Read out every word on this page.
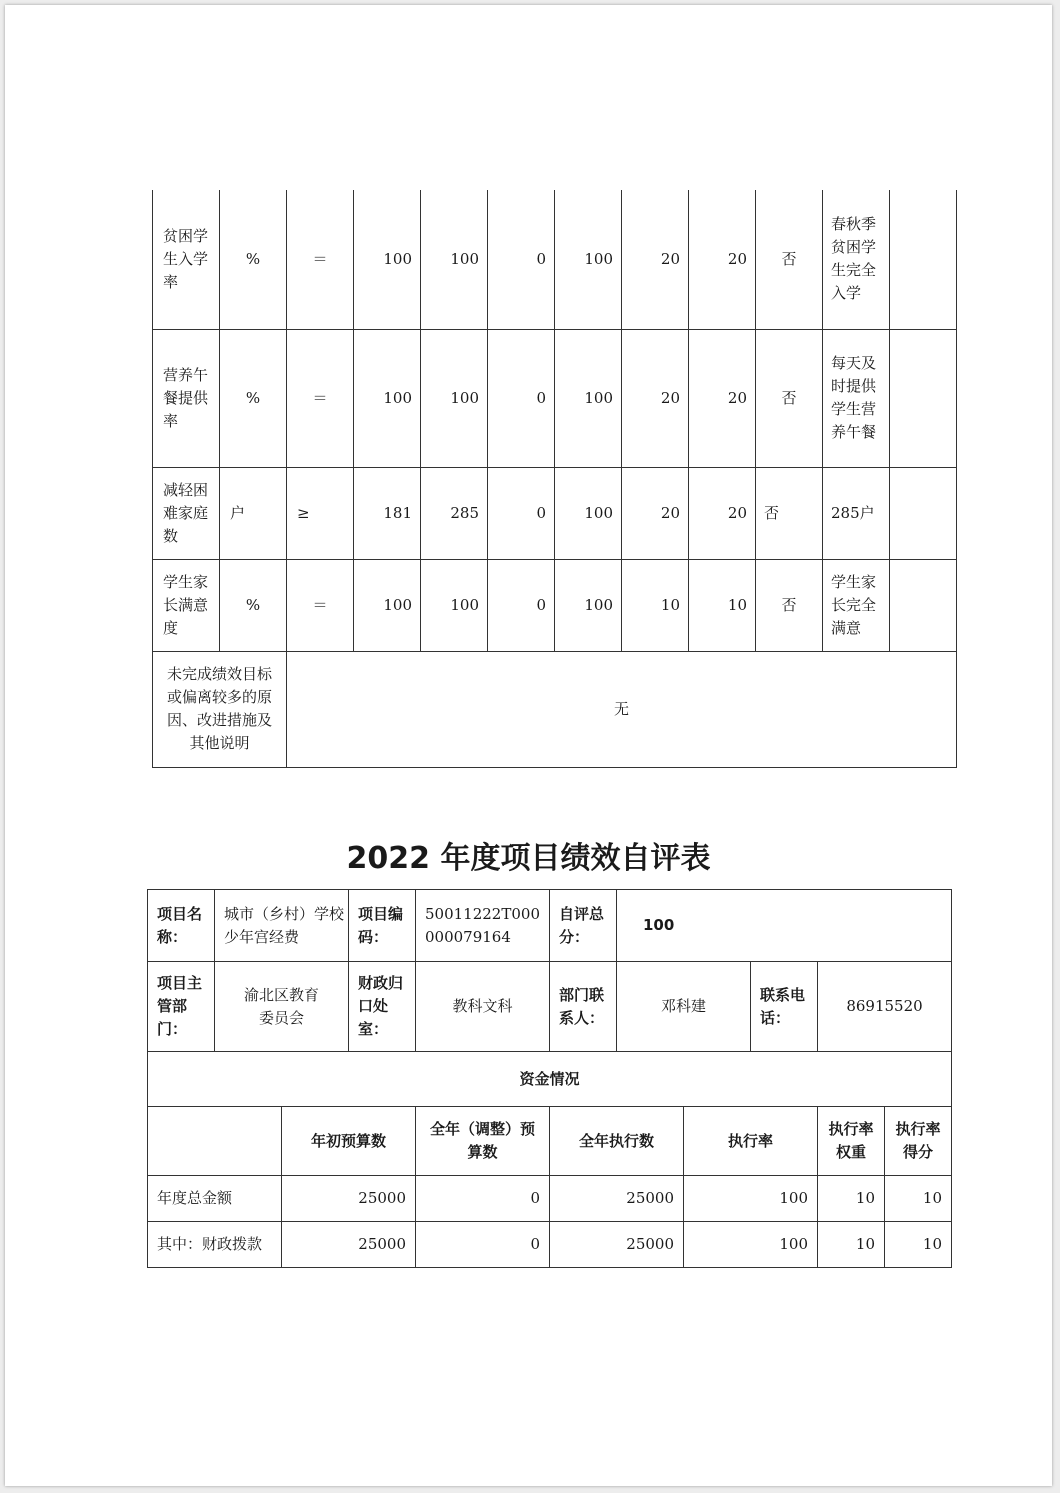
贫困学生入学率	%	＝	100	100	0	100	20	20	否	春秋季贫困学生完全入学	
营养午餐提供率	%	＝	100	100	0	100	20	20	否	每天及时提供学生营养午餐	
减轻困难家庭数	户	≥	181	285	0	100	20	20	否	285户	
学生家长满意度	%	＝	100	100	0	100	10	10	否	学生家长完全满意	
未完成绩效目标或偏离较多的原因、改进措施及其他说明		无									
2022 年度项目绩效自评表
项目名称：	城市（乡村）学校少年宫经费	项目编码：	50011222T000000079164	自评总分：	100		
项目主管部门：	渝北区教育委员会	财政归口处室：	教科文科	部门联系人：	邓科建	联系电话：	86915520
资金情况							
	年初预算数	全年（调整）预算数	全年执行数	执行率	执行率权重	执行率得分
年度总金额	25000	0	25000	100	10	10
其中：财政拨款	25000	0	25000	100	10	10
